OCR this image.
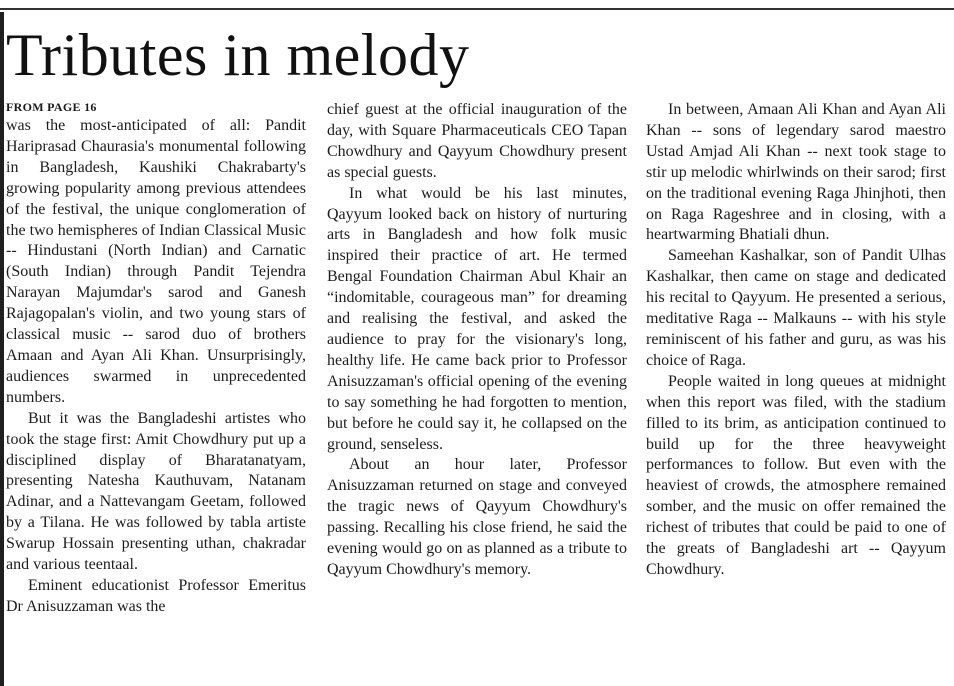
Tributes in melody
FROM PAGE 16

was the most-anticipated of all: Pandit Hariprasad Chaurasia's monumental following in Bangladesh, Kaushiki Chakrabarty's growing popularity among previous attendees of the festival, the unique conglomeration of the two hemispheres of Indian Classical Music -- Hindustani (North Indian) and Carnatic (South Indian) through Pandit Tejendra Narayan Majumdar's sarod and Ganesh Rajagopalan's violin, and two young stars of classical music -- sarod duo of brothers Amaan and Ayan Ali Khan. Unsurprisingly, audiences swarmed in unprecedented numbers.

But it was the Bangladeshi artistes who took the stage first: Amit Chowdhury put up a disciplined display of Bharatanatyam, presenting Natesha Kauthuvam, Natanam Adinar, and a Nattevangam Geetam, followed by a Tilana. He was followed by tabla artiste Swarup Hossain presenting uthan, chakradar and various teentaal.

Eminent educationist Professor Emeritus Dr Anisuzzaman was the

chief guest at the official inauguration of the day, with Square Pharmaceuticals CEO Tapan Chowdhury and Qayyum Chowdhury present as special guests.

In what would be his last minutes, Qayyum looked back on history of nurturing arts in Bangladesh and how folk music inspired their practice of art. He termed Bengal Foundation Chairman Abul Khair an “indomitable, courageous man” for dreaming and realising the festival, and asked the audience to pray for the visionary's long, healthy life. He came back prior to Professor Anisuzzaman's official opening of the evening to say something he had forgotten to mention, but before he could say it, he collapsed on the ground, senseless.

About an hour later, Professor Anisuzzaman returned on stage and conveyed the tragic news of Qayyum Chowdhury's passing. Recalling his close friend, he said the evening would go on as planned as a tribute to Qayyum Chowdhury's memory.

In between, Amaan Ali Khan and Ayan Ali Khan -- sons of legendary sarod maestro Ustad Amjad Ali Khan -- next took stage to stir up melodic whirlwinds on their sarod; first on the traditional evening Raga Jhinjhoti, then on Raga Rageshree and in closing, with a heartwarming Bhatiali dhun.

Sameehan Kashalkar, son of Pandit Ulhas Kashalkar, then came on stage and dedicated his recital to Qayyum. He presented a serious, meditative Raga -- Malkauns -- with his style reminiscent of his father and guru, as was his choice of Raga.

People waited in long queues at midnight when this report was filed, with the stadium filled to its brim, as anticipation continued to build up for the three heavyweight performances to follow. But even with the heaviest of crowds, the atmosphere remained somber, and the music on offer remained the richest of tributes that could be paid to one of the greats of Bangladeshi art -- Qayyum Chowdhury.
